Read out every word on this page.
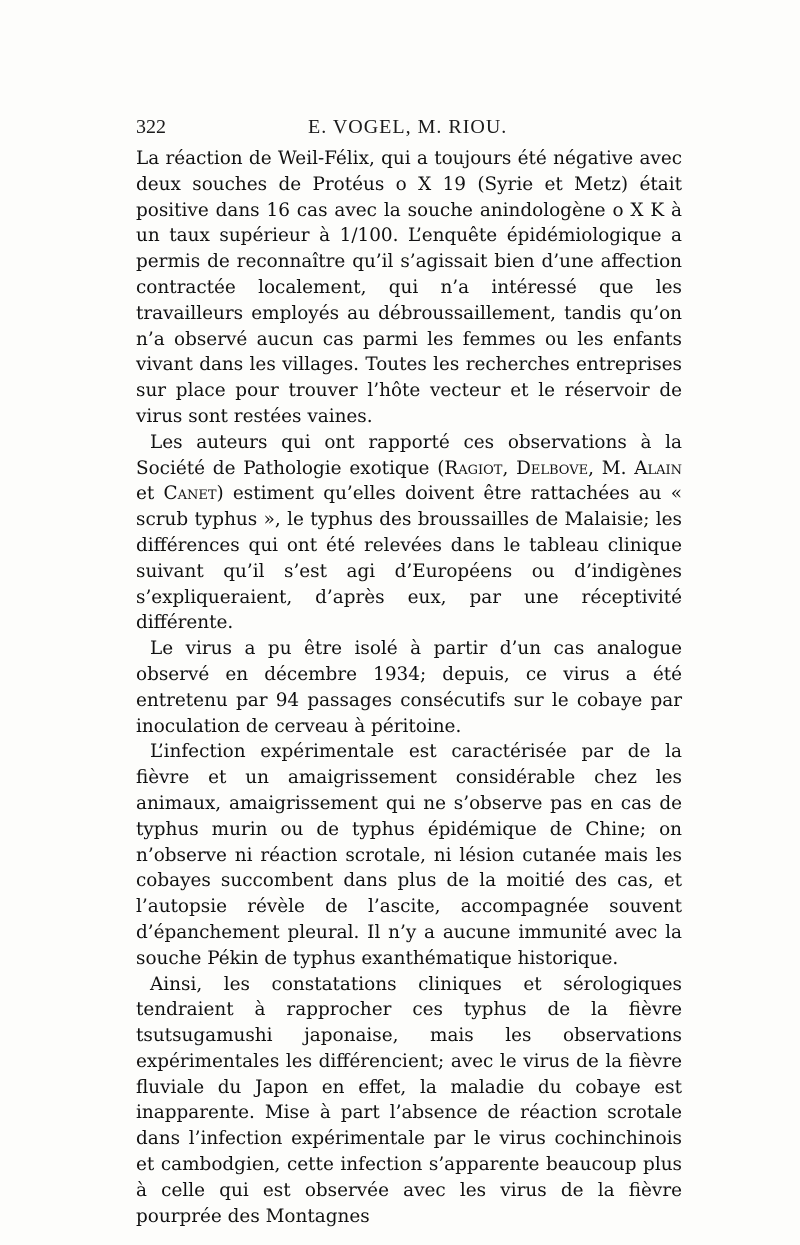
322	E. VOGEL, M. RIOU.

La réaction de Weil-Félix, qui a toujours été négative avec deux souches de Protéus o X 19 (Syrie et Metz) était positive dans 16 cas avec la souche anindologène o X K à un taux supérieur à 1/100. L’enquête épidémiologique a permis de reconnaître qu’il s’agissait bien d’une affection contractée localement, qui n’a intéressé que les travailleurs employés au débroussaillement, tandis qu’on n’a observé aucun cas parmi les femmes ou les enfants vivant dans les villages. Toutes les recherches entreprises sur place pour trouver l’hôte vecteur et le réservoir de virus sont restées vaines.

Les auteurs qui ont rapporté ces observations à la Société de Pathologie exotique (Ragiot, Delbove, M. Alain et Canet) estiment qu’elles doivent être rattachées au « scrub typhus », le typhus des broussailles de Malaisie; les différences qui ont été relevées dans le tableau clinique suivant qu’il s’est agi d’Européens ou d’indigènes s’expliqueraient, d’après eux, par une réceptivité différente.

Le virus a pu être isolé à partir d’un cas analogue observé en décembre 1934; depuis, ce virus a été entretenu par 94 passages consécutifs sur le cobaye par inoculation de cerveau à péritoine.

L’infection expérimentale est caractérisée par de la fièvre et un amaigrissement considérable chez les animaux, amaigrissement qui ne s’observe pas en cas de typhus murin ou de typhus épidémique de Chine; on n’observe ni réaction scrotale, ni lésion cutanée mais les cobayes succombent dans plus de la moitié des cas, et l’autopsie révèle de l’ascite, accompagnée souvent d’épanchement pleural. Il n’y a aucune immunité avec la souche Pékin de typhus exanthématique historique.

Ainsi, les constatations cliniques et sérologiques tendraient à rapprocher ces typhus de la fièvre tsutsugamushi japonaise, mais les observations expérimentales les différencient; avec le virus de la fièvre fluviale du Japon en effet, la maladie du cobaye est inapparente. Mise à part l’absence de réaction scrotale dans l’infection expérimentale par le virus cochinchinois et cambodgien, cette infection s’apparente beaucoup plus à celle qui est observée avec les virus de la fièvre pourprée des Montagnes
